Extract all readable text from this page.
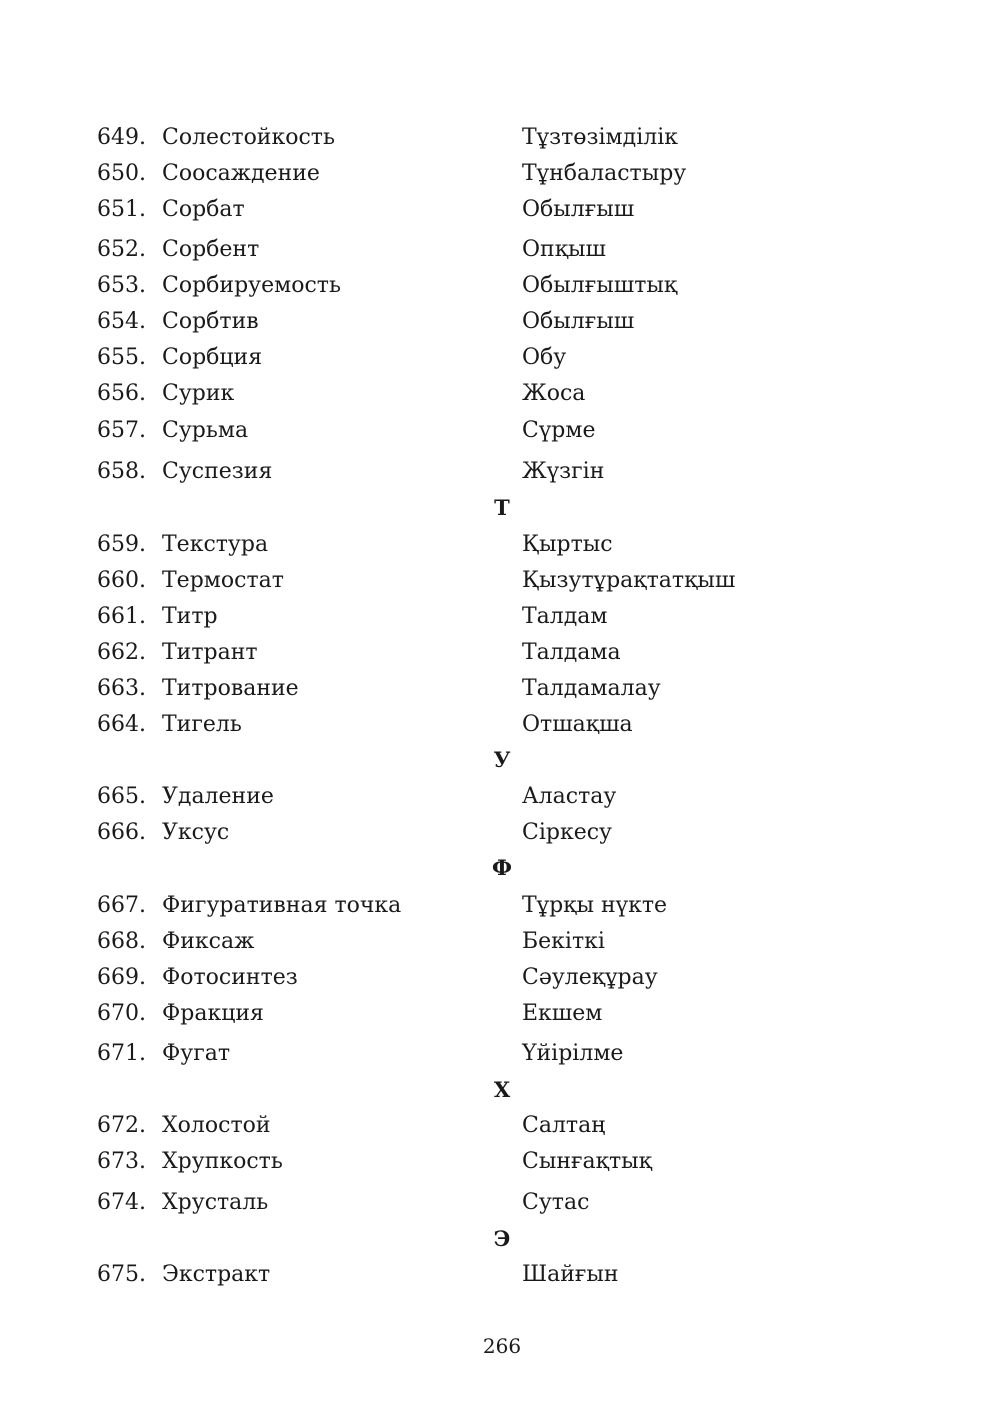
649. Солестойкость	Тұзтөзімділік
650. Соосаждение	Тұнбаластыру
651. Сорбат	Обылғыш
652. Сорбент	Опқыш
653. Сорбируемость	Обылғыштық
654. Сорбтив	Обылғыш
655. Сорбция	Обу
656. Сурик	Жоса
657. Сурьма	Сүрме
658. Суспезия	Жүзгін
Т
659. Текстура	Қыртыс
660. Термостат	Қызутұрақтатқыш
661. Титр	Талдам
662. Титрант	Талдама
663. Титрование	Талдамалау
664. Тигель	Отшақша
У
665. Удаление	Аластау
666. Уксус	Сіркесу
Ф
667. Фигуративная точка	Тұрқы нүкте
668. Фиксаж	Бекіткі
669. Фотосинтез	Сәулеқұрау
670. Фракция	Екшем
671. Фугат	Үйірілме
Х
672. Холостой	Салтаң
673. Хрупкость	Сынғақтық
674. Хрусталь	Сутас
Э
675. Экстракт	Шайғын
266
